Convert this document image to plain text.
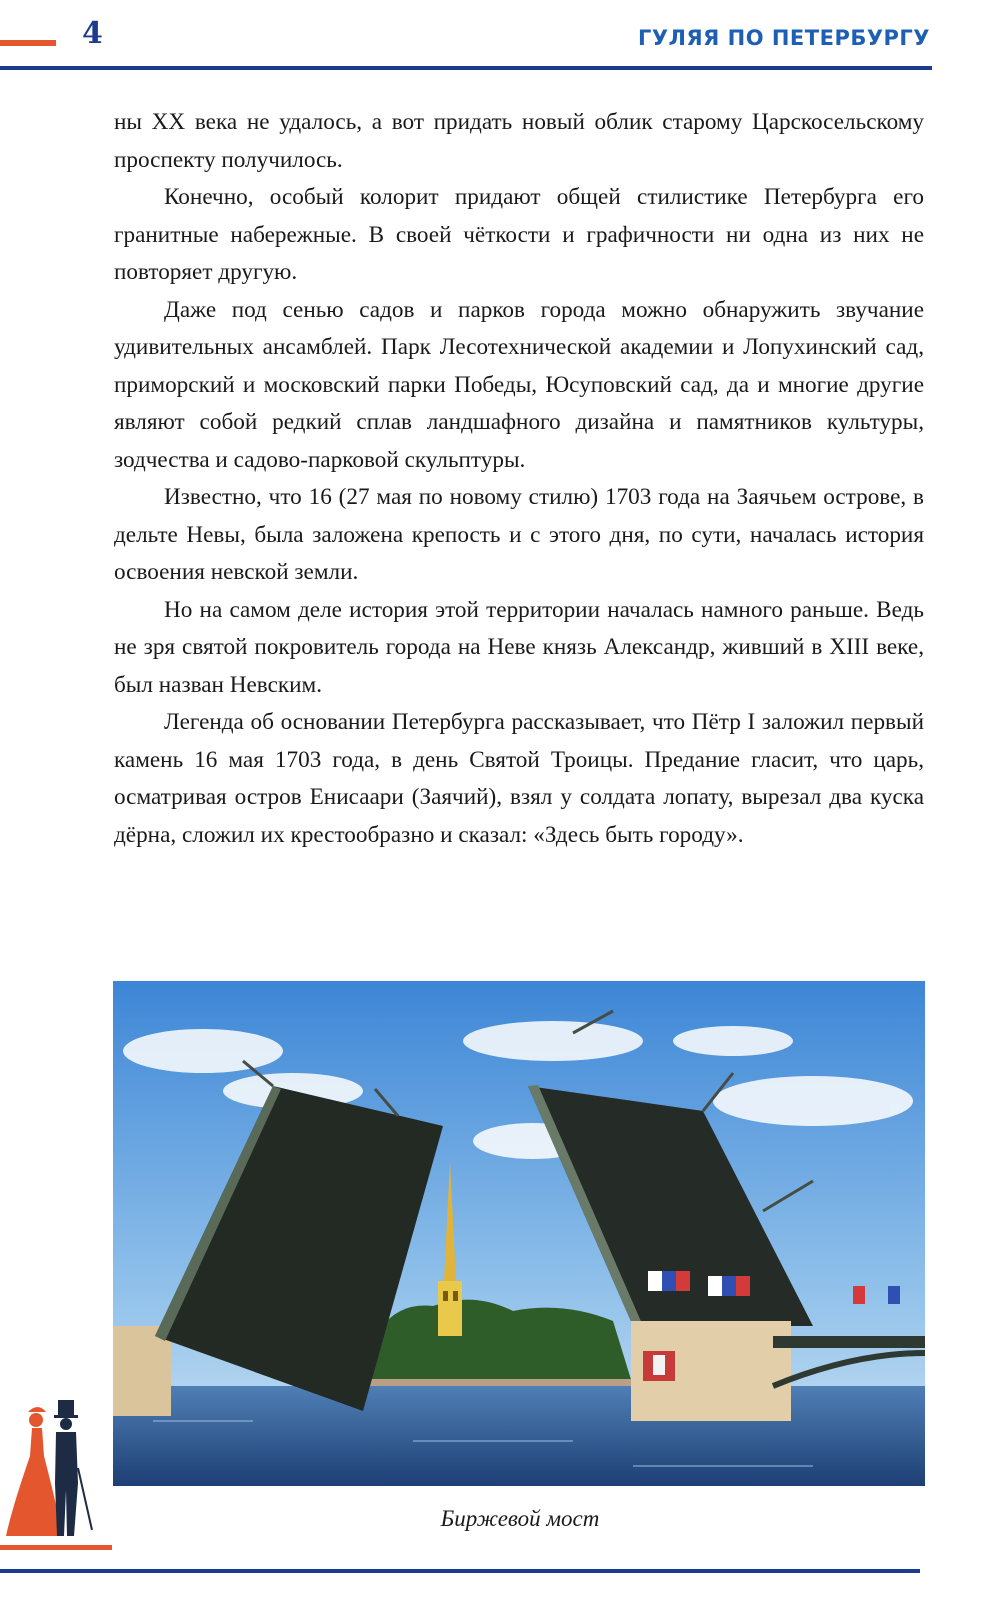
4	ГУЛЯЯ ПО ПЕТЕРБУРГУ

ны XX века не удалось, а вот придать новый облик старому Царскосельскому проспекту получилось.

Конечно, особый колорит придают общей стилистике Петербурга его гранитные набережные. В своей чёткости и графичности ни одна из них не повторяет другую.

Даже под сенью садов и парков города можно обнаружить звучание удивительных ансамблей. Парк Лесотехнической академии и Лопухинский сад, приморский и московский парки Победы, Юсуповский сад, да и многие другие являют собой редкий сплав ландшафного дизайна и памятников культуры, зодчества и садово-парковой скульптуры.

Известно, что 16 (27 мая по новому стилю) 1703 года на Заячьем острове, в дельте Невы, была заложена крепость и с этого дня, по сути, началась история освоения невской земли.

Но на самом деле история этой территории началась намного раньше. Ведь не зря святой покровитель города на Неве князь Александр, живший в XIII веке, был назван Невским.

Легенда об основании Петербурга рассказывает, что Пётр I заложил первый камень 16 мая 1703 года, в день Святой Троицы. Предание гласит, что царь, осматривая остров Енисаари (Заячий), взял у солдата лопату, вырезал два куска дёрна, сложил их крестообразно и сказал: «Здесь быть городу».

Биржевой мост
